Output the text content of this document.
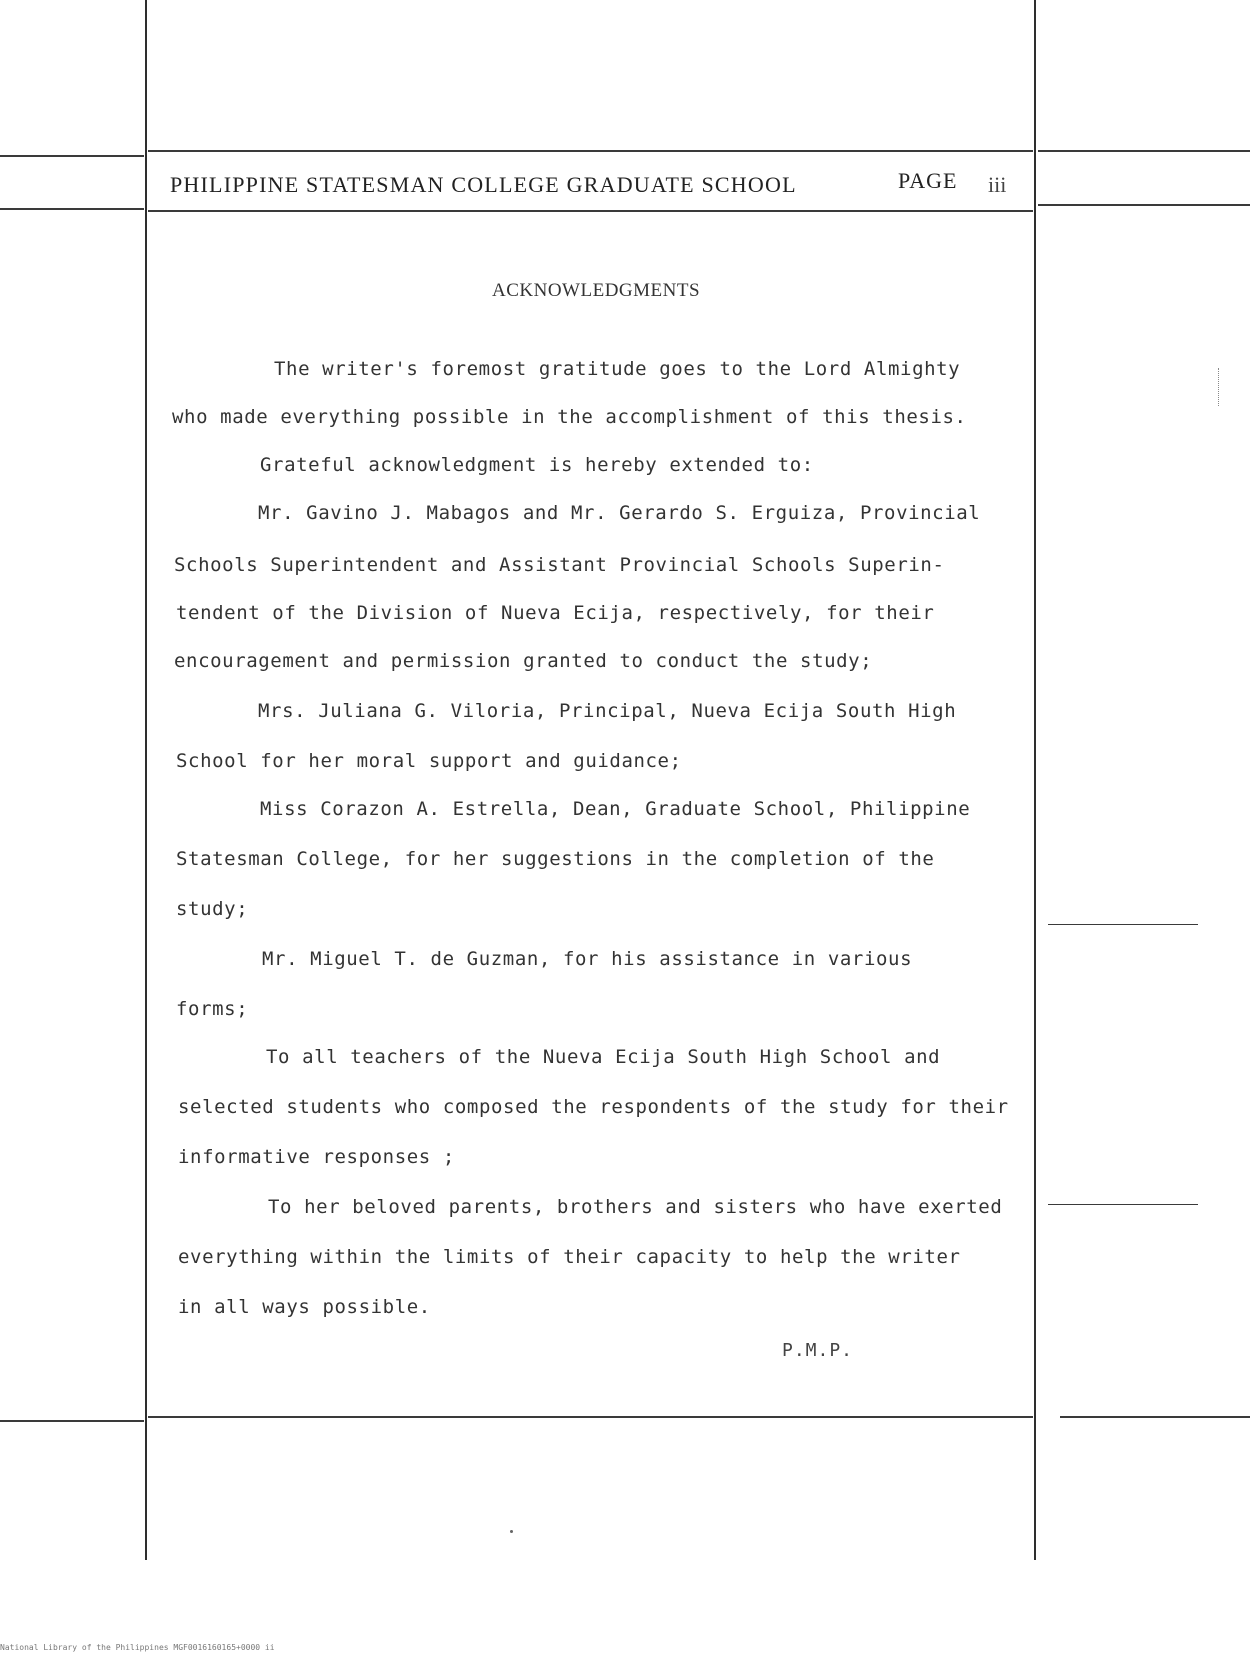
PHILIPPINE STATESMAN COLLEGE GRADUATE SCHOOL	PAGE iii
ACKNOWLEDGMENTS
The writer's foremost gratitude goes to the Lord Almighty
who made everything possible in the accomplishment of this thesis.
Grateful acknowledgment is hereby extended to:
Mr. Gavino J. Mabagos and Mr. Gerardo S. Erguiza, Provincial
Schools Superintendent and Assistant Provincial Schools Superin-
tendent of the Division of Nueva Ecija, respectively, for their
encouragement and permission granted to conduct the study;
Mrs. Juliana G. Viloria, Principal, Nueva Ecija South High
School for her moral support and guidance;
Miss Corazon A. Estrella, Dean, Graduate School, Philippine
Statesman College, for her suggestions in the completion of the
study;
Mr. Miguel T. de Guzman, for his assistance in various
forms;
To all teachers of the Nueva Ecija South High School and
selected students who composed the respondents of the study for their
informative responses ;
To her beloved parents, brothers and sisters who have exerted
everything within the limits of their capacity to help the writer
in all ways possible.
P.M.P.
National Library of the Philippines MGF0016160165+0000 ii
